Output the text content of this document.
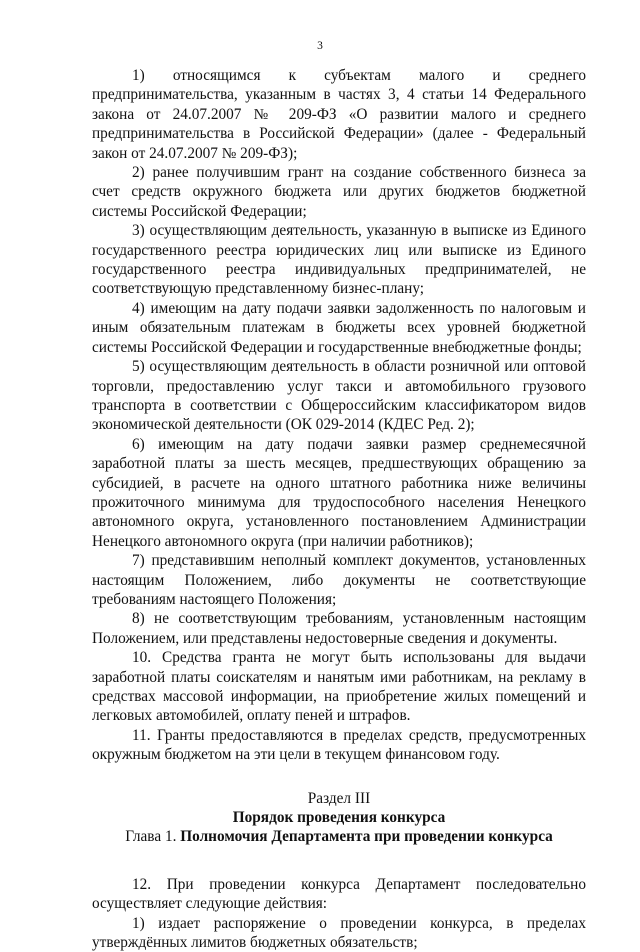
3

1) относящимся к субъектам малого и среднего предпринимательства, указанным в частях 3, 4 статьи 14 Федерального закона от 24.07.2007 № 209-ФЗ «О развитии малого и среднего предпринимательства в Российской Федерации» (далее - Федеральный закон от 24.07.2007 № 209-ФЗ);

2) ранее получившим грант на создание собственного бизнеса за счет средств окружного бюджета или других бюджетов бюджетной системы Российской Федерации;

3) осуществляющим деятельность, указанную в выписке из Единого государственного реестра юридических лиц или выписке из Единого государственного реестра индивидуальных предпринимателей, не соответствующую представленному бизнес-плану;

4) имеющим на дату подачи заявки задолженность по налоговым и иным обязательным платежам в бюджеты всех уровней бюджетной системы Российской Федерации и государственные внебюджетные фонды;

5) осуществляющим деятельность в области розничной или оптовой торговли, предоставлению услуг такси и автомобильного грузового транспорта в соответствии с Общероссийским классификатором видов экономической деятельности (ОК 029-2014 (КДЕС Ред. 2);

6) имеющим на дату подачи заявки размер среднемесячной заработной платы за шесть месяцев, предшествующих обращению за субсидией, в расчете на одного штатного работника ниже величины прожиточного минимума для трудоспособного населения Ненецкого автономного округа, установленного постановлением Администрации Ненецкого автономного округа (при наличии работников);

7) представившим неполный комплект документов, установленных настоящим Положением, либо документы не соответствующие требованиям настоящего Положения;

8) не соответствующим требованиям, установленным настоящим Положением, или представлены недостоверные сведения и документы.

10. Средства гранта не могут быть использованы для выдачи заработной платы соискателям и нанятым ими работникам, на рекламу в средствах массовой информации, на приобретение жилых помещений и легковых автомобилей, оплату пеней и штрафов.

11. Гранты предоставляются в пределах средств, предусмотренных окружным бюджетом на эти цели в текущем финансовом году.

Раздел III

Порядок проведения конкурса

Глава 1. Полномочия Департамента при проведении конкурса

12. При проведении конкурса Департамент последовательно осуществляет следующие действия:

1) издает распоряжение о проведении конкурса, в пределах утверждённых лимитов бюджетных обязательств;
